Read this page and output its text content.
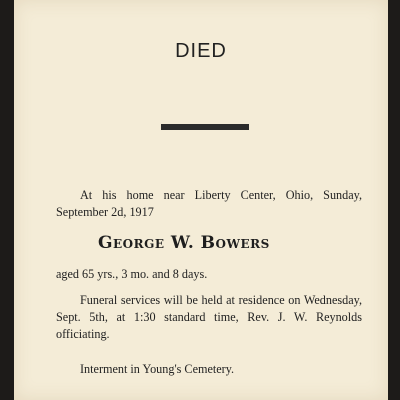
DIED
At his home near Liberty Center, Ohio, Sunday, September 2d, 1917
George W. Bowers
aged 65 yrs., 3 mo. and 8 days.
Funeral services will be held at residence on Wednesday, Sept. 5th, at 1:30 standard time, Rev. J. W. Reynolds officiating.
Interment in Young's Cemetery.
